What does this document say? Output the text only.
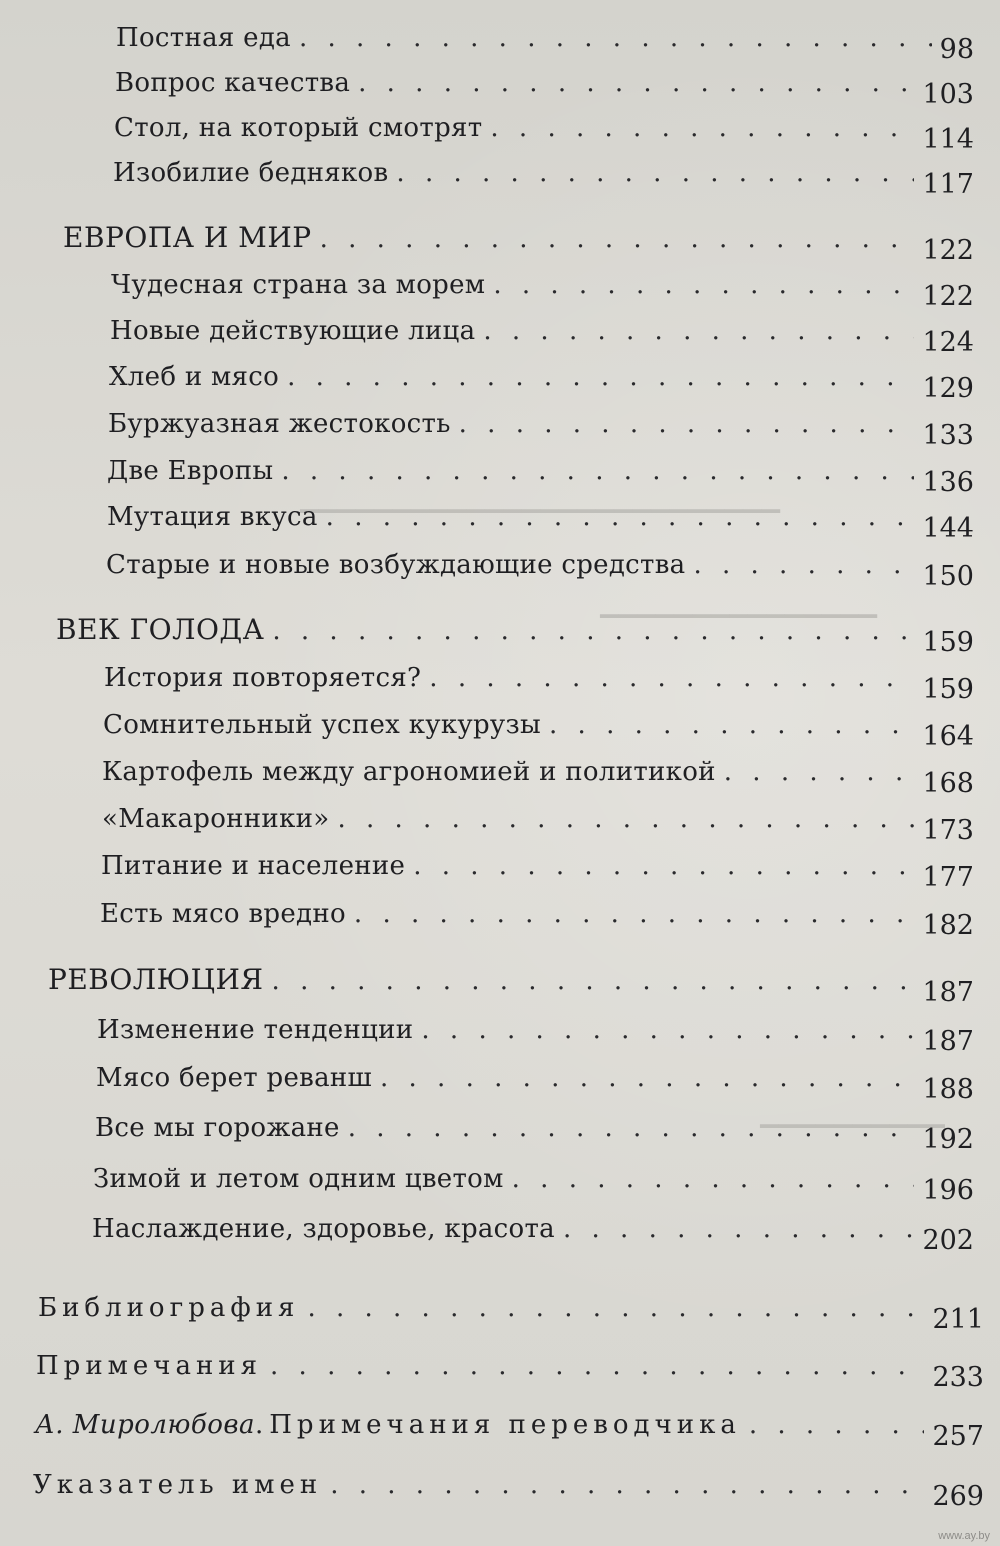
▁▁▁▁▁▁▁▁▁▁▁▁▁▁▁▁▁▁▁▁▁▁▁▁▁▁
▁▁▁▁▁▁▁▁▁▁▁▁▁▁▁
▁▁▁▁▁▁▁▁▁▁
Постная еда . . .	98
Вопрос качества . . .	103
Стол, на который смотрят . . .	114
Изобилие бедняков . . .	117
ЕВРОПА И МИР . . .	122
Чудесная страна за морем . . .	122
Новые действующие лица . . .	124
Хлеб и мясо . . .	129
Буржуазная жестокость . . .	133
Две Европы . . .	136
Мутация вкуса . . .	144
Старые и новые возбуждающие средства . . .	150
ВЕК ГОЛОДА . . .	159
История повторяется? . . .	159
Сомнительный успех кукурузы . . .	164
Картофель между агрономией и политикой . . .	168
«Макаронники» . . .	173
Питание и население . . .	177
Есть мясо вредно . . .	182
РЕВОЛЮЦИЯ . . .	187
Изменение тенденции . . .	187
Мясо берет реванш . . .	188
Все мы горожане . . .	192
Зимой и летом одним цветом . . .	196
Наслаждение, здоровье, красота . . .	202
Библиография . . .	211
Примечания . . .	233
А. Миролюбова . Примечания переводчика . . .	257
Указатель имен . . .	269
www.ay.by
